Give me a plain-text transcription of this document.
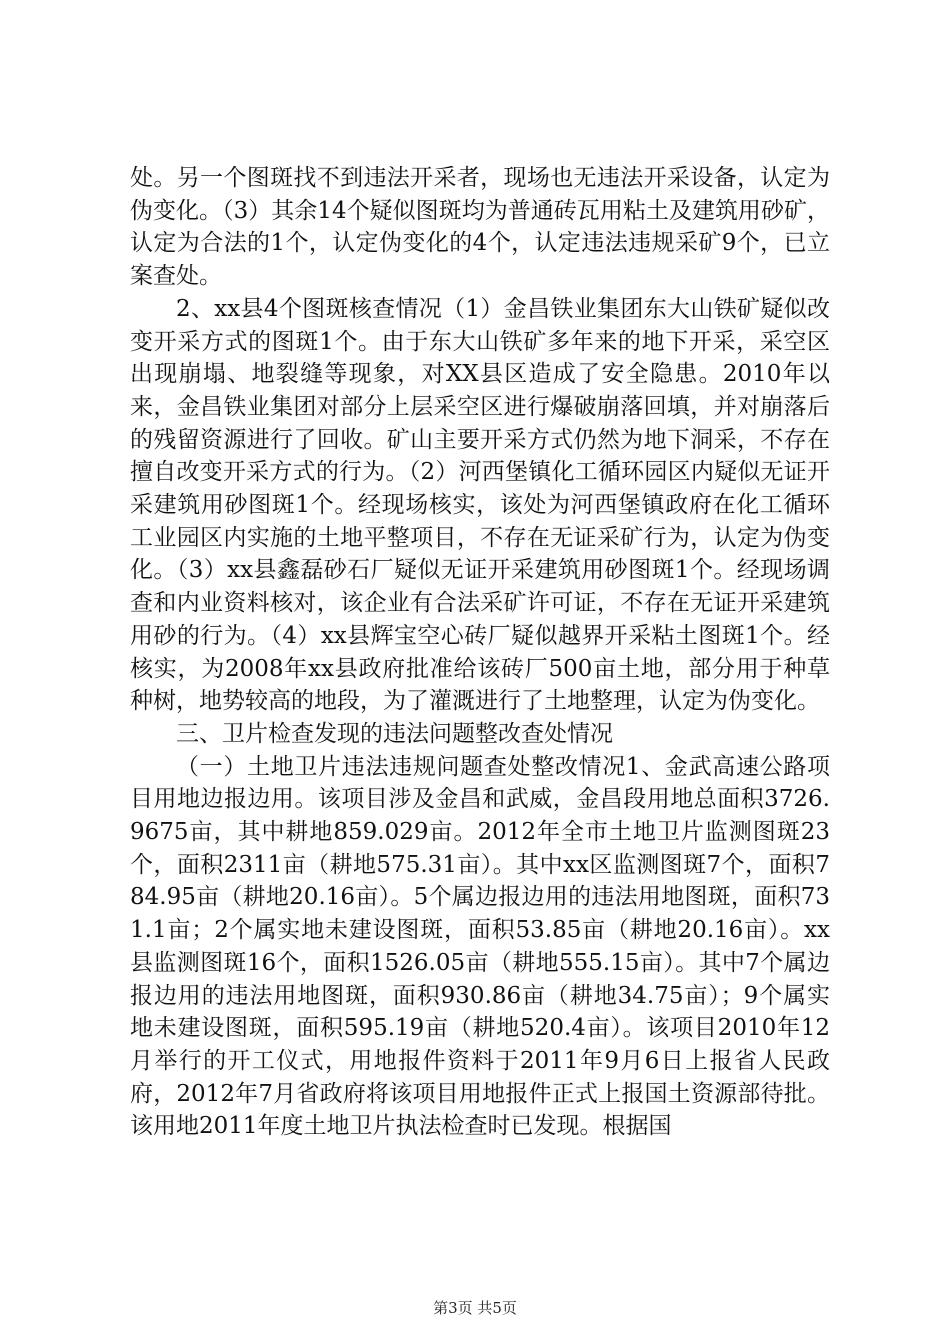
处。另一个图斑找不到违法开采者，现场也无违法开采设备，认定为伪变化。（3）其余14个疑似图斑均为普通砖瓦用粘土及建筑用砂矿，认定为合法的1个，认定伪变化的4个，认定违法违规采矿9个，已立案查处。

2、xx县4个图斑核查情况（1）金昌铁业集团东大山铁矿疑似改变开采方式的图斑1个。由于东大山铁矿多年来的地下开采，采空区出现崩塌、地裂缝等现象，对XX县区造成了安全隐患。2010年以来，金昌铁业集团对部分上层采空区进行爆破崩落回填，并对崩落后的残留资源进行了回收。矿山主要开采方式仍然为地下洞采，不存在擅自改变开采方式的行为。（2）河西堡镇化工循环园区内疑似无证开采建筑用砂图斑1个。经现场核实，该处为河西堡镇政府在化工循环工业园区内实施的土地平整项目，不存在无证采矿行为，认定为伪变化。（3）xx县鑫磊砂石厂疑似无证开采建筑用砂图斑1个。经现场调查和内业资料核对，该企业有合法采矿许可证，不存在无证开采建筑用砂的行为。（4）xx县辉宝空心砖厂疑似越界开采粘土图斑1个。经核实，为2008年xx县政府批准给该砖厂500亩土地，部分用于种草种树，地势较高的地段，为了灌溉进行了土地整理，认定为伪变化。

三、卫片检查发现的违法问题整改查处情况

（一）土地卫片违法违规问题查处整改情况1、金武高速公路项目用地边报边用。该项目涉及金昌和武威，金昌段用地总面积3726.9675亩，其中耕地859.029亩。2012年全市土地卫片监测图斑23个，面积2311亩（耕地575.31亩）。其中xx区监测图斑7个，面积784.95亩（耕地20.16亩）。5个属边报边用的违法用地图斑，面积731.1亩；2个属实地未建设图斑，面积53.85亩（耕地20.16亩）。xx县监测图斑16个，面积1526.05亩（耕地555.15亩）。其中7个属边报边用的违法用地图斑，面积930.86亩（耕地34.75亩）；9个属实地未建设图斑，面积595.19亩（耕地520.4亩）。该项目2010年12月举行的开工仪式，用地报件资料于2011年9月6日上报省人民政府，2012年7月省政府将该项目用地报件正式上报国土资源部待批。该用地2011年度土地卫片执法检查时已发现。根据国

第3页 共5页
